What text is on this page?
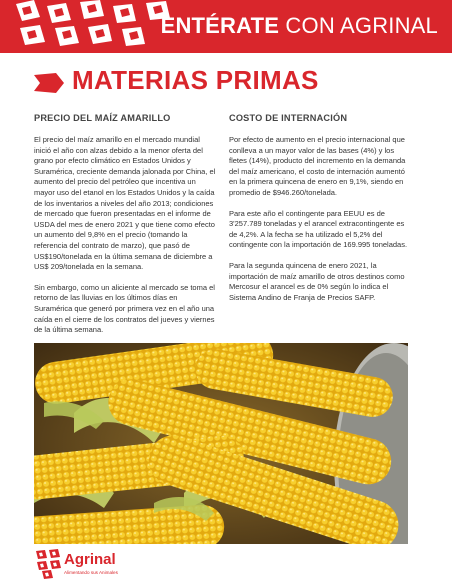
ENTÉRATE CON AGRINAL
MATERIAS PRIMAS
PRECIO DEL MAÍZ AMARILLO

El precio del maíz amarillo en el mercado mundial inició el año con alzas debido a la menor oferta del grano por efecto climático en Estados Unidos y Suramérica, creciente demanda jalonada por China, el aumento del precio del petróleo que incentiva un mayor uso del etanol en los Estados Unidos y la caída de los inventarios a niveles del año 2013; condiciones de mercado que fueron presentadas en el informe de USDA del mes de enero 2021 y que tiene como efecto un aumento del 9,8% en el precio (tomando la referencia del contrato de marzo), que pasó de US$190/tonelada en la última semana de diciembre a US$ 209/tonelada en la semana.

Sin embargo, como un aliciente al mercado se toma el retorno de las lluvias en los últimos días en Suramérica que generó por primera vez en el año una caída en el cierre de los contratos del jueves y viernes de la última semana.

COSTO DE INTERNACIÓN

Por efecto de aumento en el precio internacional que conlleva a un mayor valor de las bases (4%) y los fletes (14%), producto del incremento en la demanda del maíz americano, el costo de internación aumentó en la primera quincena de enero en 9,1%, siendo en promedio de $946.260/tonelada.

Para este año el contingente para EEUU es de 3'257.789 toneladas y el arancel extracontingente es de 4,2%. A la fecha se ha utilizado el 5,2% del contingente con la importación de 169.995 toneladas.

Para la segunda quincena de enero 2021, la importación de maíz amarillo de otros destinos como Mercosur el arancel es de 0% según lo indica el Sistema Andino de Franja de Precios SAFP.

Agrinal
Alimentando sus Animales
